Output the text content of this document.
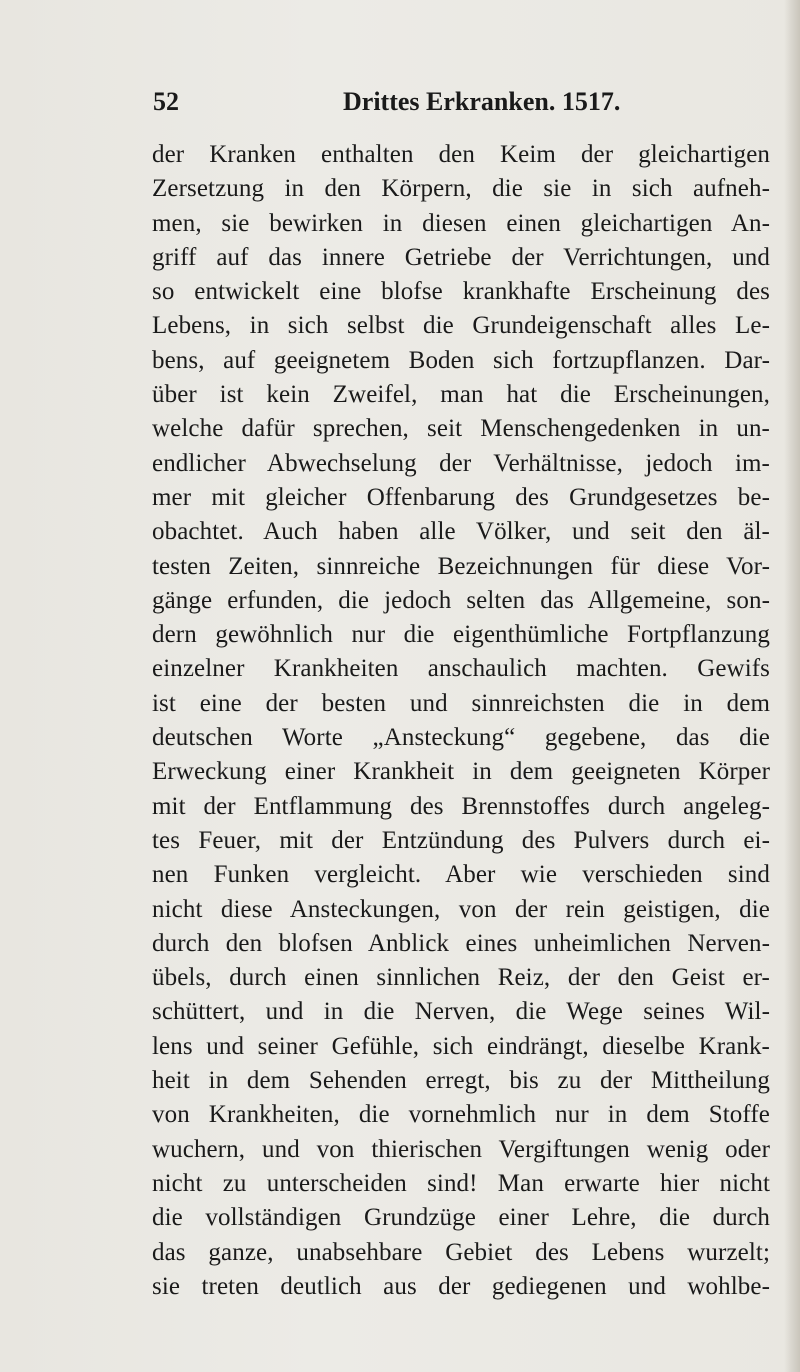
52	Drittes Erkranken. 1517.
der Kranken enthalten den Keim der gleichartigen
Zersetzung in den Körpern, die sie in sich aufneh-
men, sie bewirken in diesen einen gleichartigen An-
griff auf das innere Getriebe der Verrichtungen, und
so entwickelt eine blofse krankhafte Erscheinung des
Lebens, in sich selbst die Grundeigenschaft alles Le-
bens, auf geeignetem Boden sich fortzupflanzen. Dar-
über ist kein Zweifel, man hat die Erscheinungen,
welche dafür sprechen, seit Menschengedenken in un-
endlicher Abwechselung der Verhältnisse, jedoch im-
mer mit gleicher Offenbarung des Grundgesetzes be-
obachtet. Auch haben alle Völker, und seit den äl-
testen Zeiten, sinnreiche Bezeichnungen für diese Vor-
gänge erfunden, die jedoch selten das Allgemeine, son-
dern gewöhnlich nur die eigenthümliche Fortpflanzung
einzelner Krankheiten anschaulich machten. Gewifs
ist eine der besten und sinnreichsten die in dem
deutschen Worte „Ansteckung“ gegebene, das die
Erweckung einer Krankheit in dem geeigneten Körper
mit der Entflammung des Brennstoffes durch angeleg-
tes Feuer, mit der Entzündung des Pulvers durch ei-
nen Funken vergleicht. Aber wie verschieden sind
nicht diese Ansteckungen, von der rein geistigen, die
durch den blofsen Anblick eines unheimlichen Nerven-
übels, durch einen sinnlichen Reiz, der den Geist er-
schüttert, und in die Nerven, die Wege seines Wil-
lens und seiner Gefühle, sich eindrängt, dieselbe Krank-
heit in dem Sehenden erregt, bis zu der Mittheilung
von Krankheiten, die vornehmlich nur in dem Stoffe
wuchern, und von thierischen Vergiftungen wenig oder
nicht zu unterscheiden sind! Man erwarte hier nicht
die vollständigen Grundzüge einer Lehre, die durch
das ganze, unabsehbare Gebiet des Lebens wurzelt;
sie treten deutlich aus der gediegenen und wohlbe-
